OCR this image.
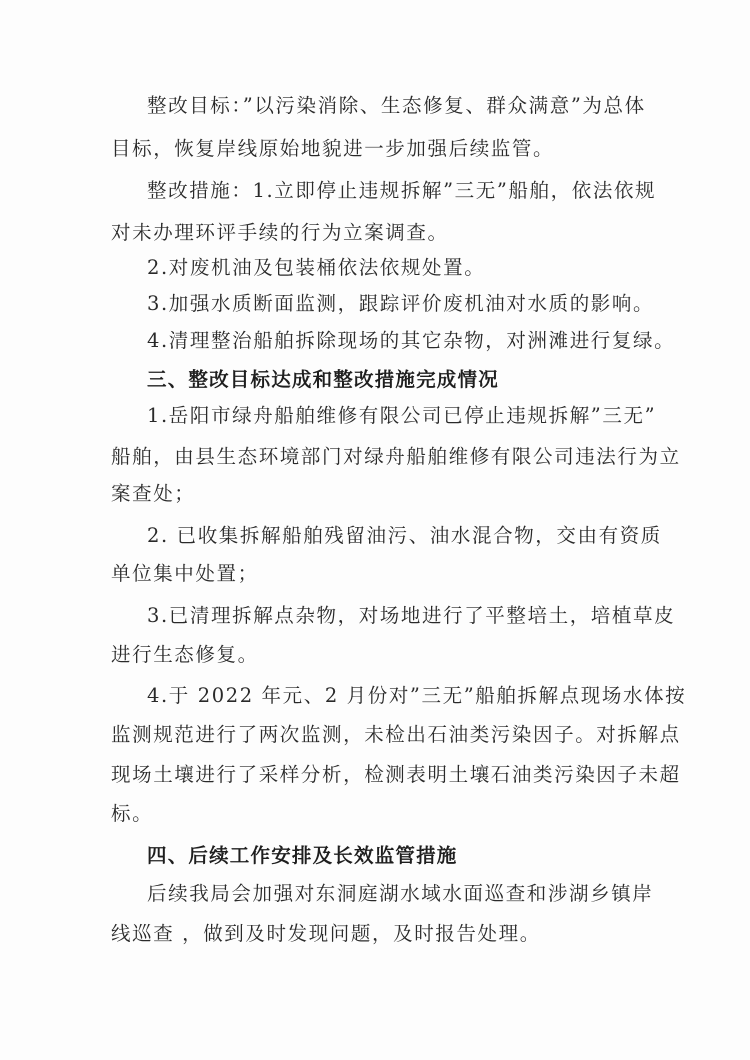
整改目标：”以污染消除、生态修复、群众满意”为总体
目标，恢复岸线原始地貌进一步加强后续监管。
整改措施：1.立即停止违规拆解”三无”船舶，依法依规
对未办理环评手续的行为立案调查。
2.对废机油及包装桶依法依规处置。
3.加强水质断面监测，跟踪评价废机油对水质的影响。
4.清理整治船舶拆除现场的其它杂物，对洲滩进行复绿。
三、整改目标达成和整改措施完成情况
1.岳阳市绿舟船舶维修有限公司已停止违规拆解”三无”
船舶，由县生态环境部门对绿舟船舶维修有限公司违法行为立
案查处；
2. 已收集拆解船舶残留油污、油水混合物，交由有资质
单位集中处置；
3.已清理拆解点杂物，对场地进行了平整培土，培植草皮
进行生态修复。
4.于 2022 年元、2 月份对”三无”船舶拆解点现场水体按
监测规范进行了两次监测，未检出石油类污染因子。对拆解点
现场土壤进行了采样分析，检测表明土壤石油类污染因子未超
标。
四、后续工作安排及长效监管措施
后续我局会加强对东洞庭湖水域水面巡查和涉湖乡镇岸
线巡查 ，做到及时发现问题，及时报告处理。
